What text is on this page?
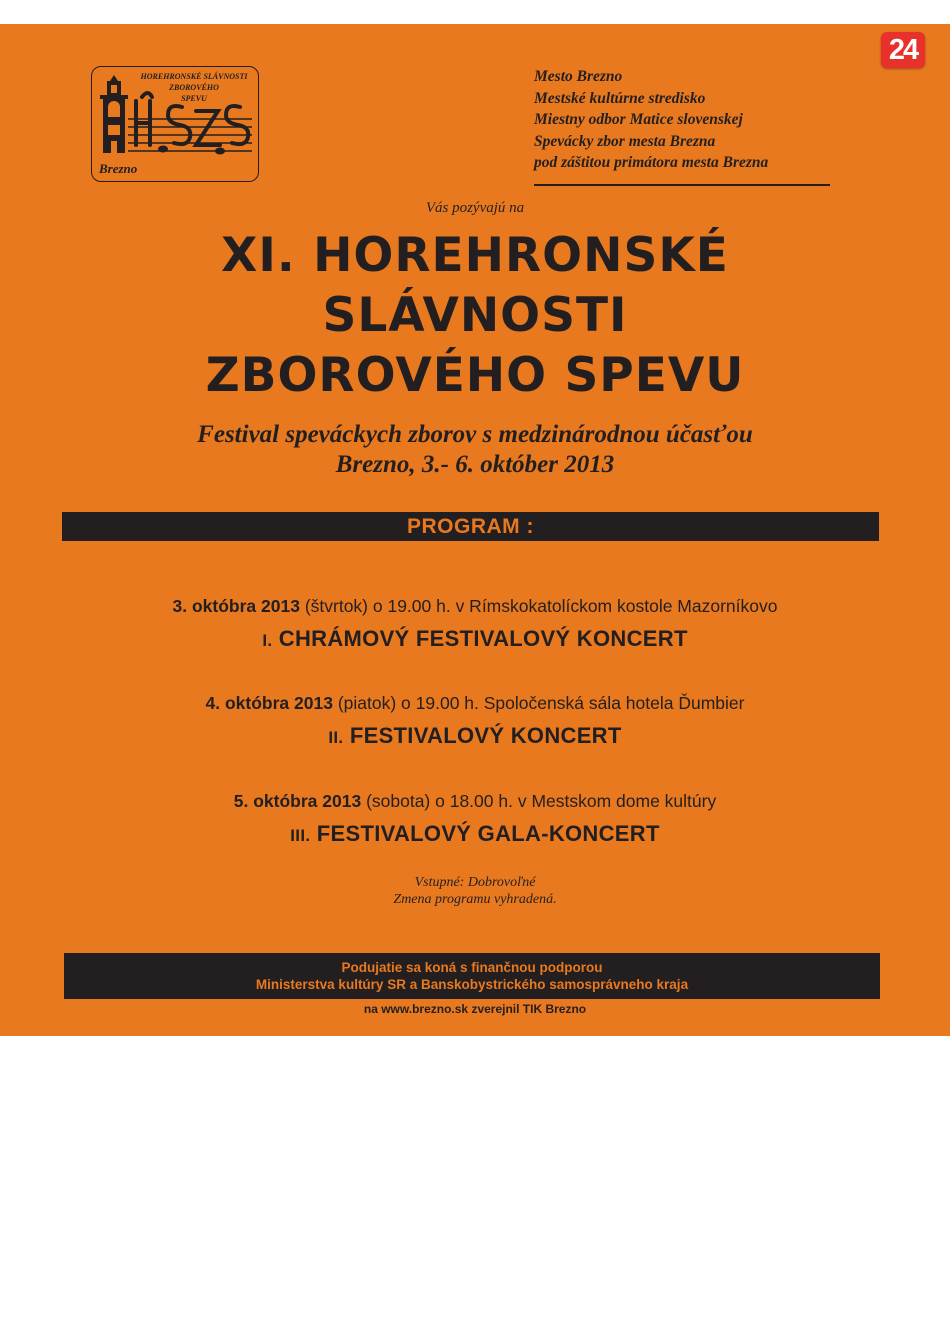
24
HOREHRONSKÉ SLÁVNOSTI
ZBOROVÉHO
SPEVU
Brezno
Mesto Brezno
Mestské kultúrne stredisko
Miestny odbor Matice slovenskej
Spevácky zbor mesta Brezna
pod záštitou primátora mesta Brezna
Vás pozývajú na
XI. HOREHRONSKÉ
SLÁVNOSTI
ZBOROVÉHO SPEVU
Festival speváckych zborov s medzinárodnou účasťou
Brezno, 3.- 6. október 2013
PROGRAM :
3. októbra 2013 (štvrtok) o 19.00 h. v Rímskokatolíckom kostole Mazorníkovo
I. CHRÁMOVÝ FESTIVALOVÝ KONCERT
4. októbra 2013 (piatok) o 19.00 h. Spoločenská sála hotela Ďumbier
II. FESTIVALOVÝ KONCERT
5. októbra 2013 (sobota) o 18.00 h. v Mestskom dome kultúry
III. FESTIVALOVÝ GALA-KONCERT
Vstupné: Dobrovoľné
Zmena programu vyhradená.
Podujatie sa koná s finančnou podporou
Ministerstva kultúry SR a Banskobystrického samosprávneho kraja
na www.brezno.sk zverejnil TIK Brezno
